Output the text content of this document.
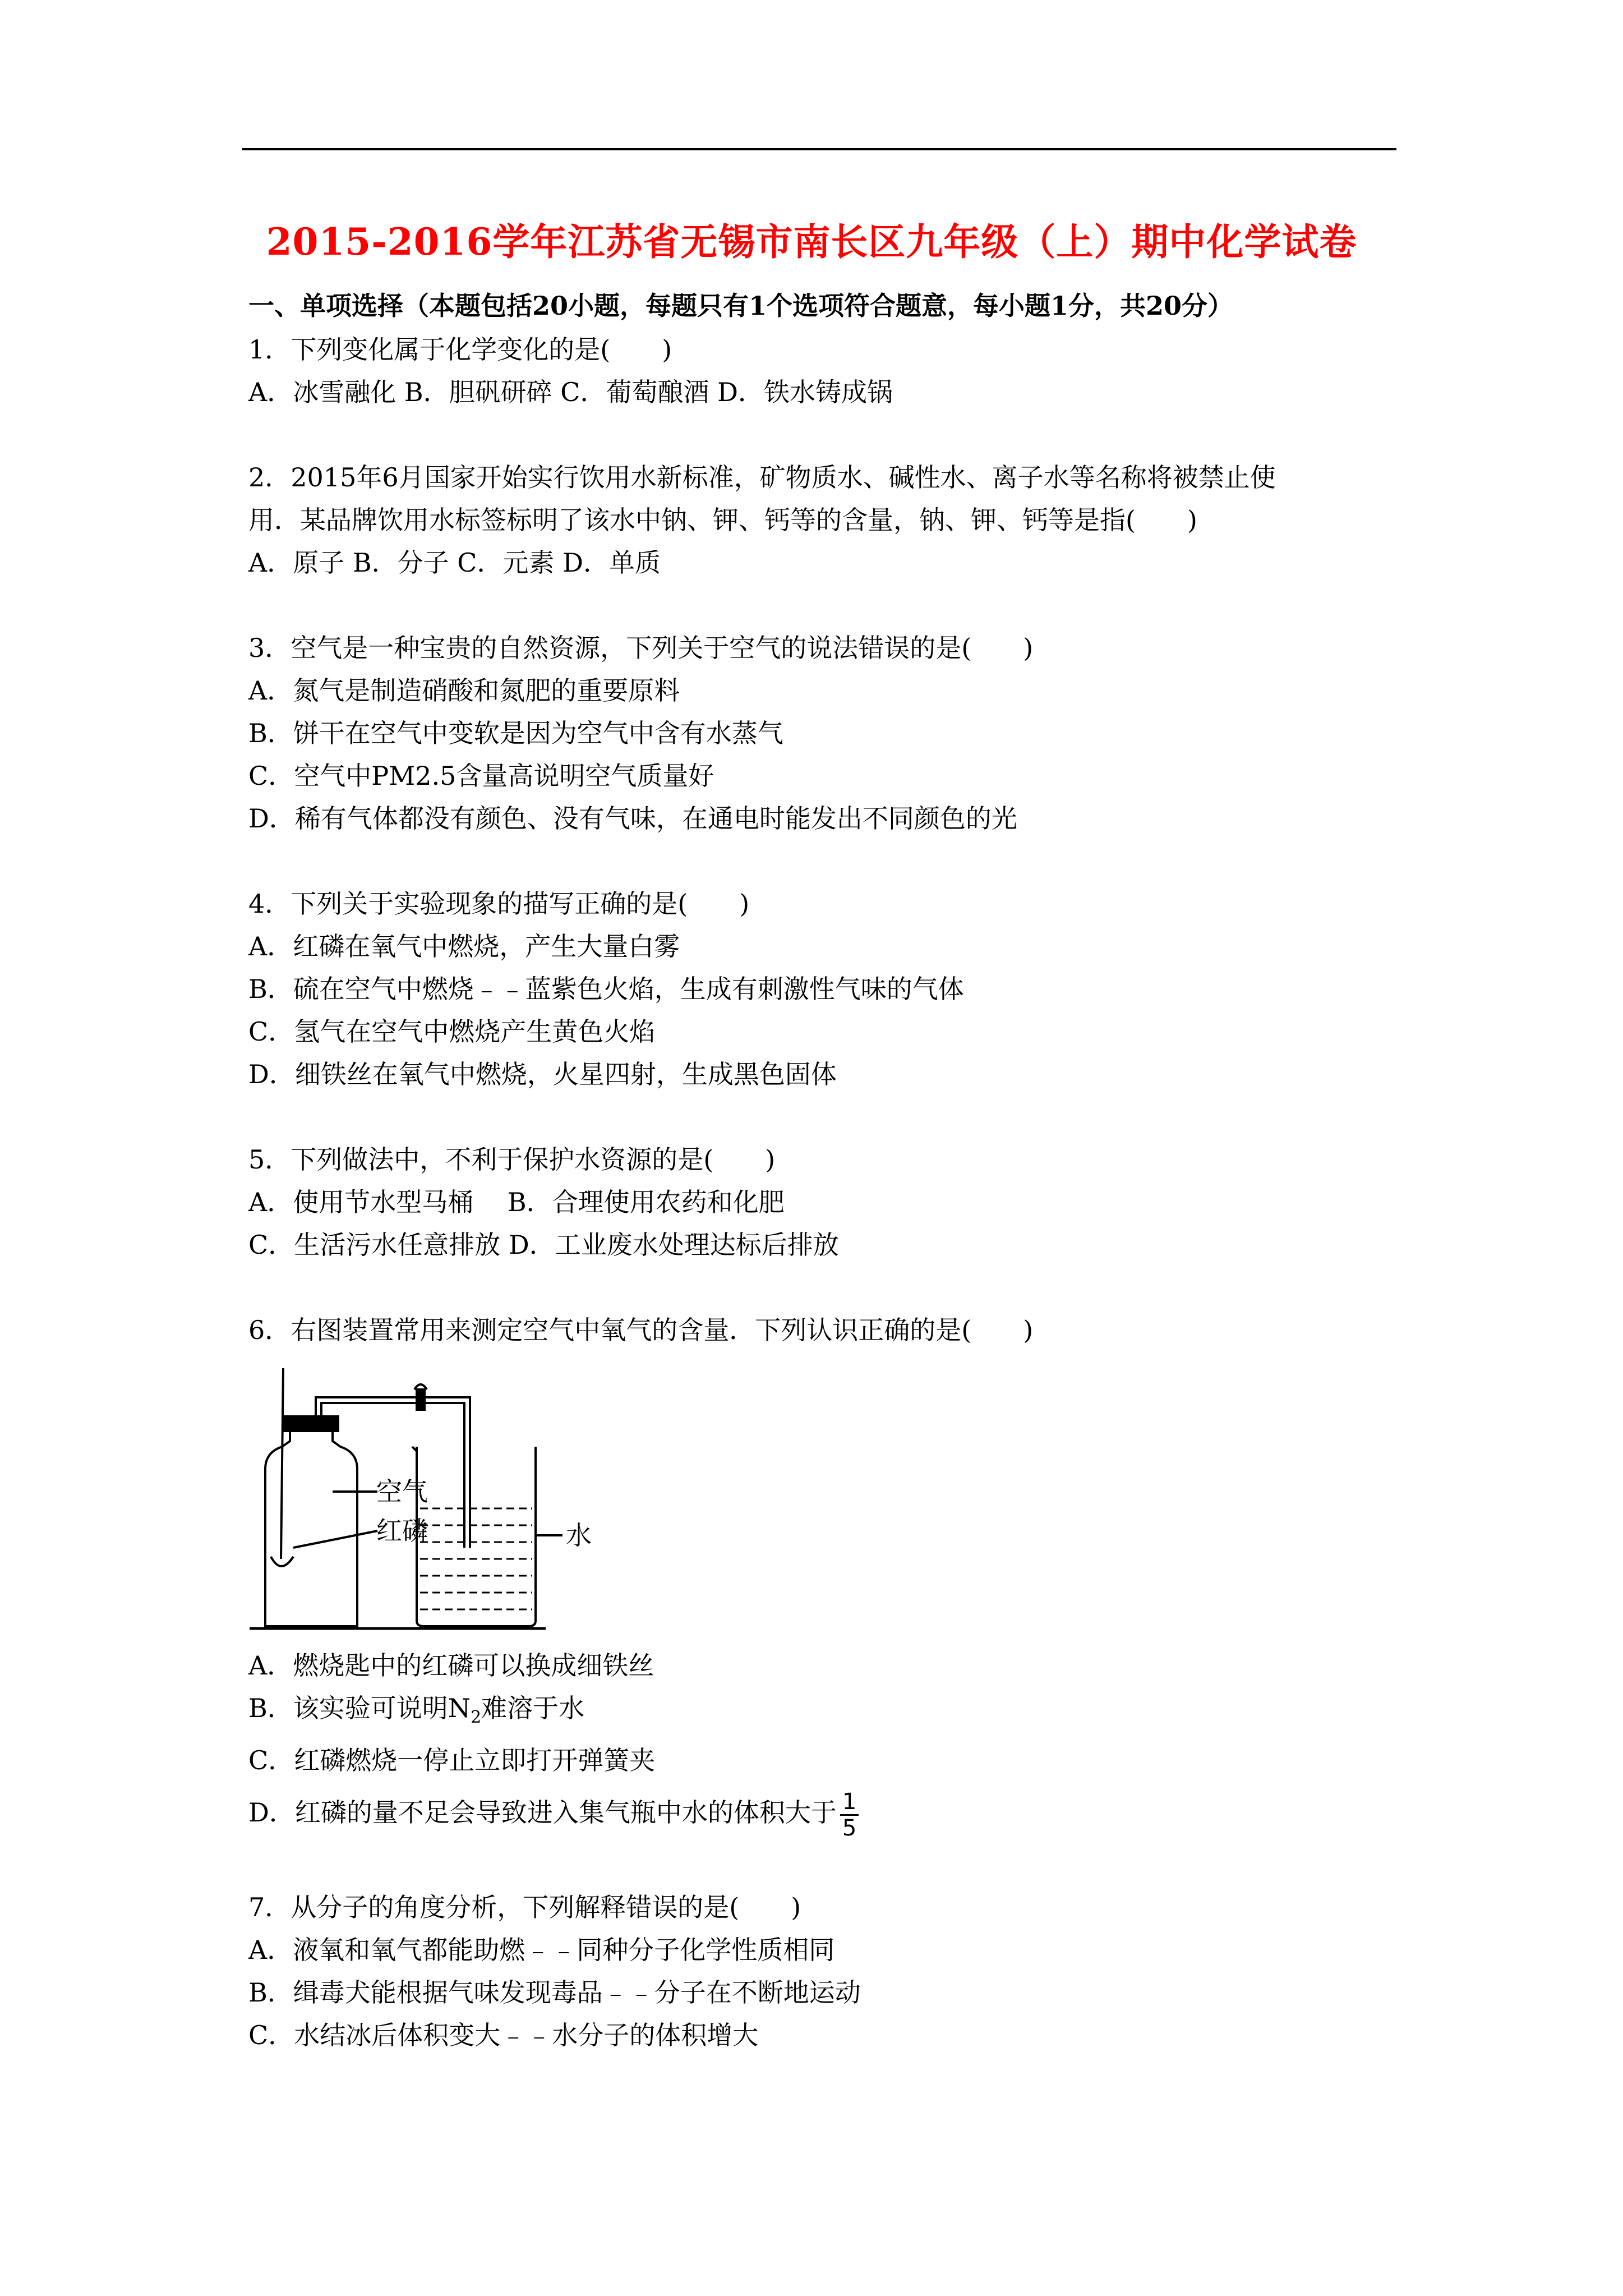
2015-2016学年江苏省无锡市南长区九年级（上）期中化学试卷
一、单项选择（本题包括20小题，每题只有1个选项符合题意，每小题1分，共20分）
1．下列变化属于化学变化的是(　　)
A．冰雪融化 B．胆矾研碎 C．葡萄酿酒 D．铁水铸成锅
2．2015年6月国家开始实行饮用水新标准，矿物质水、碱性水、离子水等名称将被禁止使
用．某品牌饮用水标签标明了该水中钠、钾、钙等的含量，钠、钾、钙等是指(　　)
A．原子 B．分子 C．元素 D．单质
3．空气是一种宝贵的自然资源，下列关于空气的说法错误的是(　　)
A．氮气是制造硝酸和氮肥的重要原料
B．饼干在空气中变软是因为空气中含有水蒸气
C．空气中PM2.5含量高说明空气质量好
D．稀有气体都没有颜色、没有气味，在通电时能发出不同颜色的光
4．下列关于实验现象的描写正确的是(　　)
A．红磷在氧气中燃烧，产生大量白雾
B．硫在空气中燃烧﹣﹣蓝紫色火焰，生成有刺激性气味的气体
C．氢气在空气中燃烧产生黄色火焰
D．细铁丝在氧气中燃烧，火星四射，生成黑色固体
5．下列做法中，不利于保护水资源的是(　　)
A．使用节水型马桶　 B．合理使用农药和化肥
C．生活污水任意排放 D．工业废水处理达标后排放
6．右图装置常用来测定空气中氧气的含量．下列认识正确的是(　　)
空气
红磷	水
A．燃烧匙中的红磷可以换成细铁丝
B．该实验可说明$N_2$难溶于水
C．红磷燃烧一停止立即打开弹簧夹
D．红磷的量不足会导致进入集气瓶中水的体积大于 $\frac{1}{5}$
7．从分子的角度分析，下列解释错误的是(　　)
A．液氧和氧气都能助燃﹣﹣同种分子化学性质相同
B．缉毒犬能根据气味发现毒品﹣﹣分子在不断地运动
C．水结冰后体积变大﹣﹣水分子的体积增大
